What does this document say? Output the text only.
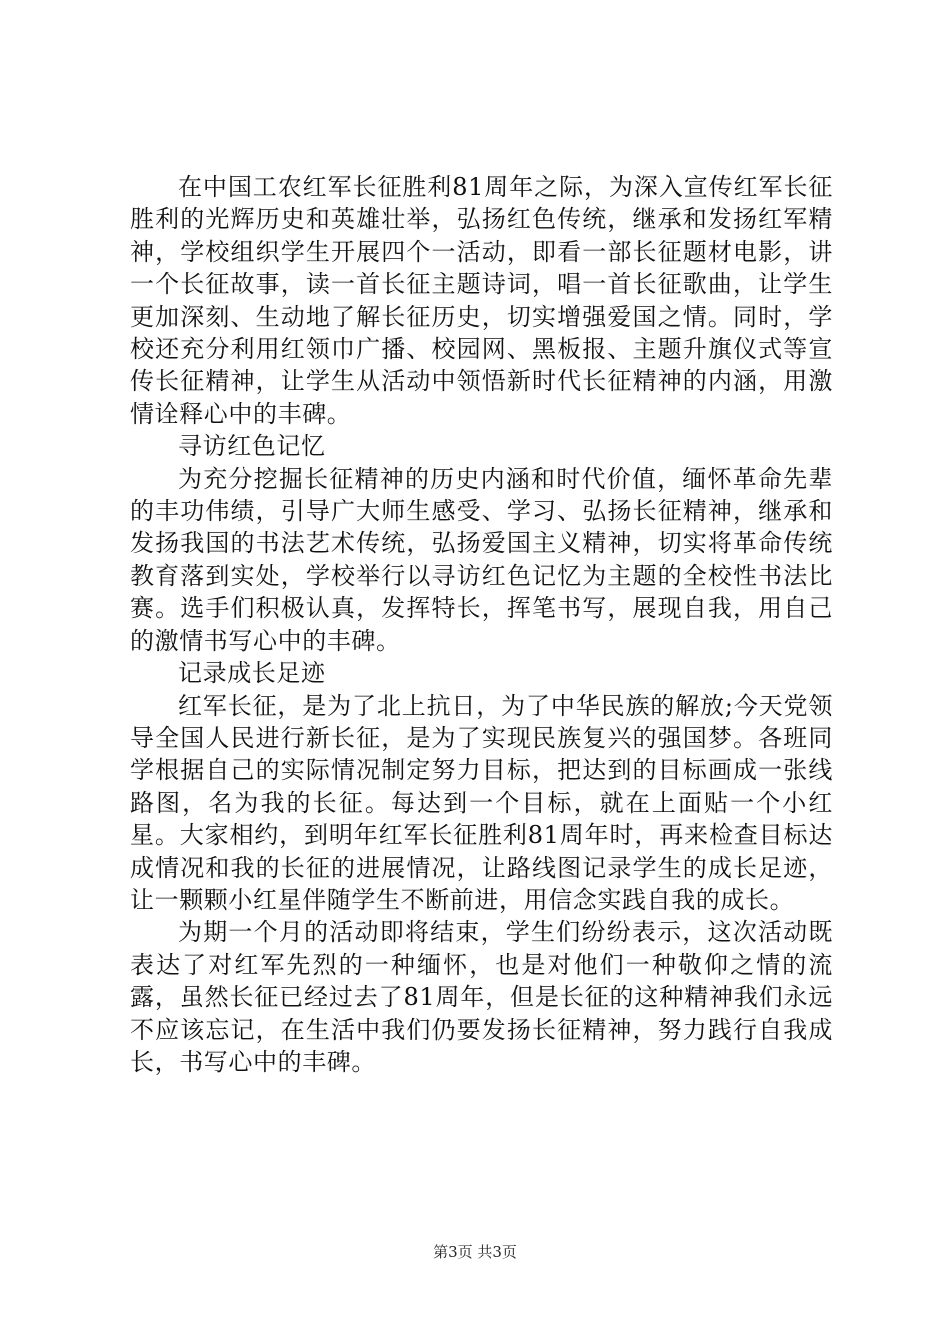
在中国工农红军长征胜利81周年之际，为深入宣传红军长征胜利的光辉历史和英雄壮举，弘扬红色传统，继承和发扬红军精神，学校组织学生开展四个一活动，即看一部长征题材电影，讲一个长征故事，读一首长征主题诗词，唱一首长征歌曲，让学生更加深刻、生动地了解长征历史，切实增强爱国之情。同时，学校还充分利用红领巾广播、校园网、黑板报、主题升旗仪式等宣传长征精神，让学生从活动中领悟新时代长征精神的内涵，用激情诠释心中的丰碑。

寻访红色记忆

为充分挖掘长征精神的历史内涵和时代价值，缅怀革命先辈的丰功伟绩，引导广大师生感受、学习、弘扬长征精神，继承和发扬我国的书法艺术传统，弘扬爱国主义精神，切实将革命传统教育落到实处，学校举行以寻访红色记忆为主题的全校性书法比赛。选手们积极认真，发挥特长，挥笔书写，展现自我，用自己的激情书写心中的丰碑。

记录成长足迹

红军长征，是为了北上抗日，为了中华民族的解放;今天党领导全国人民进行新长征，是为了实现民族复兴的强国梦。各班同学根据自己的实际情况制定努力目标，把达到的目标画成一张线路图，名为我的长征。每达到一个目标，就在上面贴一个小红星。大家相约，到明年红军长征胜利81周年时，再来检查目标达成情况和我的长征的进展情况，让路线图记录学生的成长足迹，让一颗颗小红星伴随学生不断前进，用信念实践自我的成长。

为期一个月的活动即将结束，学生们纷纷表示，这次活动既表达了对红军先烈的一种缅怀，也是对他们一种敬仰之情的流露，虽然长征已经过去了81周年，但是长征的这种精神我们永远不应该忘记，在生活中我们仍要发扬长征精神，努力践行自我成长，书写心中的丰碑。

第3页 共3页
